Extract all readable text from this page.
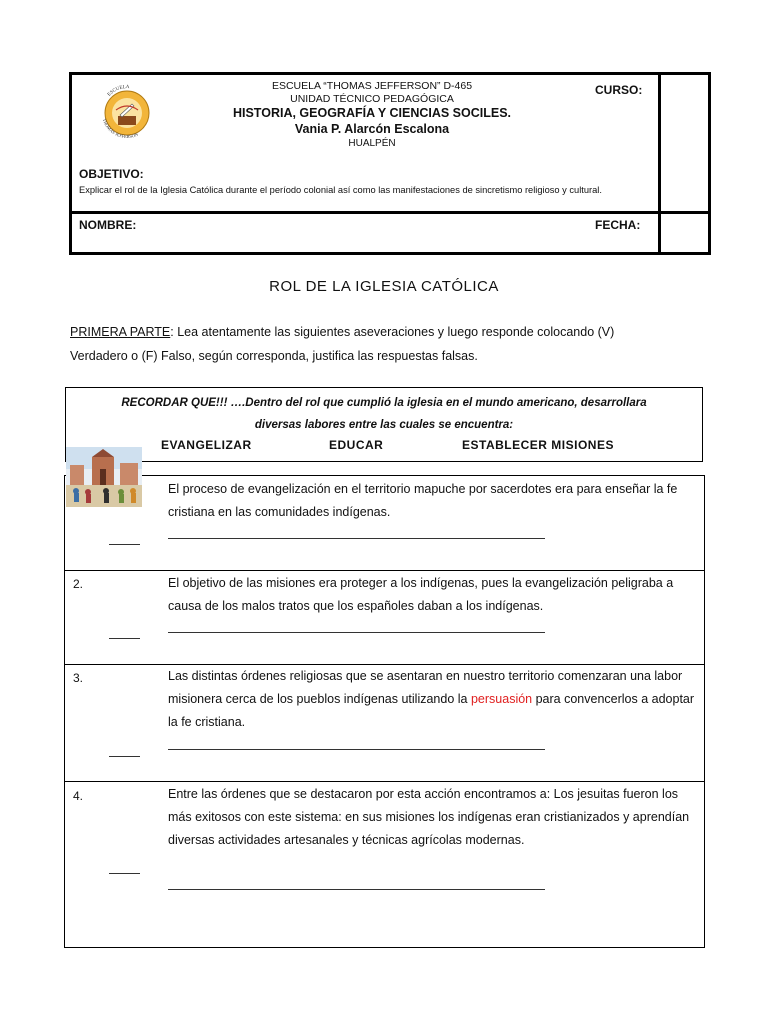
ESCUELA
THOMAS JEFFERSON
ESCUELA “THOMAS JEFFERSON” D-465
UNIDAD TÉCNICO PEDAGÓGICA
HISTORIA, GEOGRAFÍA Y CIENCIAS SOCILES.
Vania P. Alarcón Escalona
HUALPÉN
OBJETIVO:
Explicar el rol de la Iglesia Católica durante el período colonial así como las manifestaciones de sincretismo religioso y cultural.
CURSO:
NOMBRE:	FECHA:
ROL DE LA IGLESIA CATÓLICA
PRIMERA PARTE: Lea atentamente las siguientes aseveraciones y luego responde colocando (V)
Verdadero o (F) Falso, según corresponda, justifica las respuestas falsas.
RECORDAR QUE!!! ….Dentro del rol que cumplió la iglesia en el mundo americano, desarrollara
diversas labores entre las cuales se encuentra:
EVANGELIZAR	EDUCAR	ESTABLECER MISIONES
El proceso de evangelización en el territorio mapuche por sacerdotes era para enseñar la fe cristiana en las comunidades indígenas.
2.	El objetivo de las misiones era proteger a los indígenas, pues la evangelización peligraba a causa de los malos tratos que los españoles daban a los indígenas.
3.	Las distintas órdenes religiosas que se asentaran en nuestro territorio comenzaran una labor misionera cerca de los pueblos indígenas utilizando la persuasión para convencerlos a adoptar la fe cristiana.
4.	Entre las órdenes que se destacaron por esta acción encontramos a: Los jesuitas fueron los más exitosos con este sistema: en sus misiones los indígenas eran cristianizados y aprendían diversas actividades artesanales y técnicas agrícolas modernas.
